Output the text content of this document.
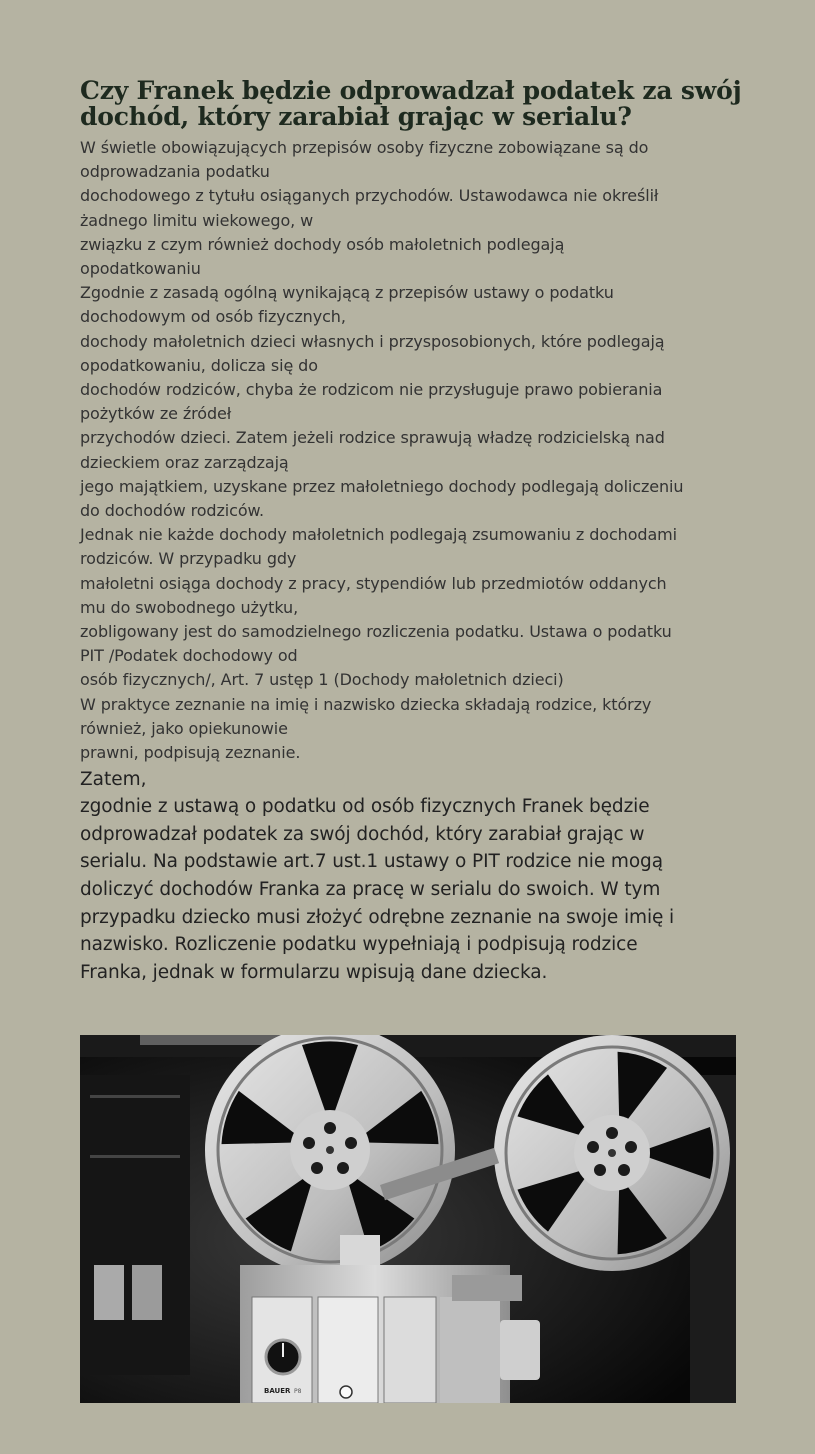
Czy Franek będzie odprowadzał podatek za swój
dochód, który zarabiał grając w serialu?
W świetle obowiązujących przepisów osoby fizyczne zobowiązane są do
odprowadzania podatku
dochodowego z tytułu osiąganych przychodów. Ustawodawca nie określił
żadnego limitu wiekowego, w
związku z czym również dochody osób małoletnich podlegają
opodatkowaniu
Zgodnie z zasadą ogólną wynikającą z przepisów ustawy o podatku
dochodowym od osób fizycznych,
dochody małoletnich dzieci własnych i przysposobionych, które podlegają
opodatkowaniu, dolicza się do
dochodów rodziców, chyba że rodzicom nie przysługuje prawo pobierania
pożytków ze źródeł
przychodów dzieci. Zatem jeżeli rodzice sprawują władzę rodzicielską nad
dzieckiem oraz zarządzają
jego majątkiem, uzyskane przez małoletniego dochody podlegają doliczeniu
do dochodów rodziców.
Jednak nie każde dochody małoletnich podlegają zsumowaniu z dochodami
rodziców. W przypadku gdy
małoletni osiąga dochody z pracy, stypendiów lub przedmiotów oddanych
mu do swobodnego użytku,
zobligowany jest do samodzielnego rozliczenia podatku. Ustawa o podatku
PIT /Podatek dochodowy od
osób fizycznych/, Art. 7 ustęp 1 (Dochody małoletnich dzieci)
W praktyce zeznanie na imię i nazwisko dziecka składają rodzice, którzy
również, jako opiekunowie
prawni, podpisują zeznanie.
Zatem,
zgodnie z ustawą o podatku od osób fizycznych Franek będzie
odprowadzał podatek za swój dochód, który zarabiał grając w
serialu. Na podstawie art.7 ust.1 ustawy o PIT rodzice nie mogą
doliczyć dochodów Franka za pracę w serialu do swoich. W tym
przypadku dziecko musi złożyć odrębne zeznanie na swoje imię i
nazwisko. Rozliczenie podatku wypełniają i podpisują rodzice
Franka, jednak w formularzu wpisują dane dziecka.
BAUER P8
